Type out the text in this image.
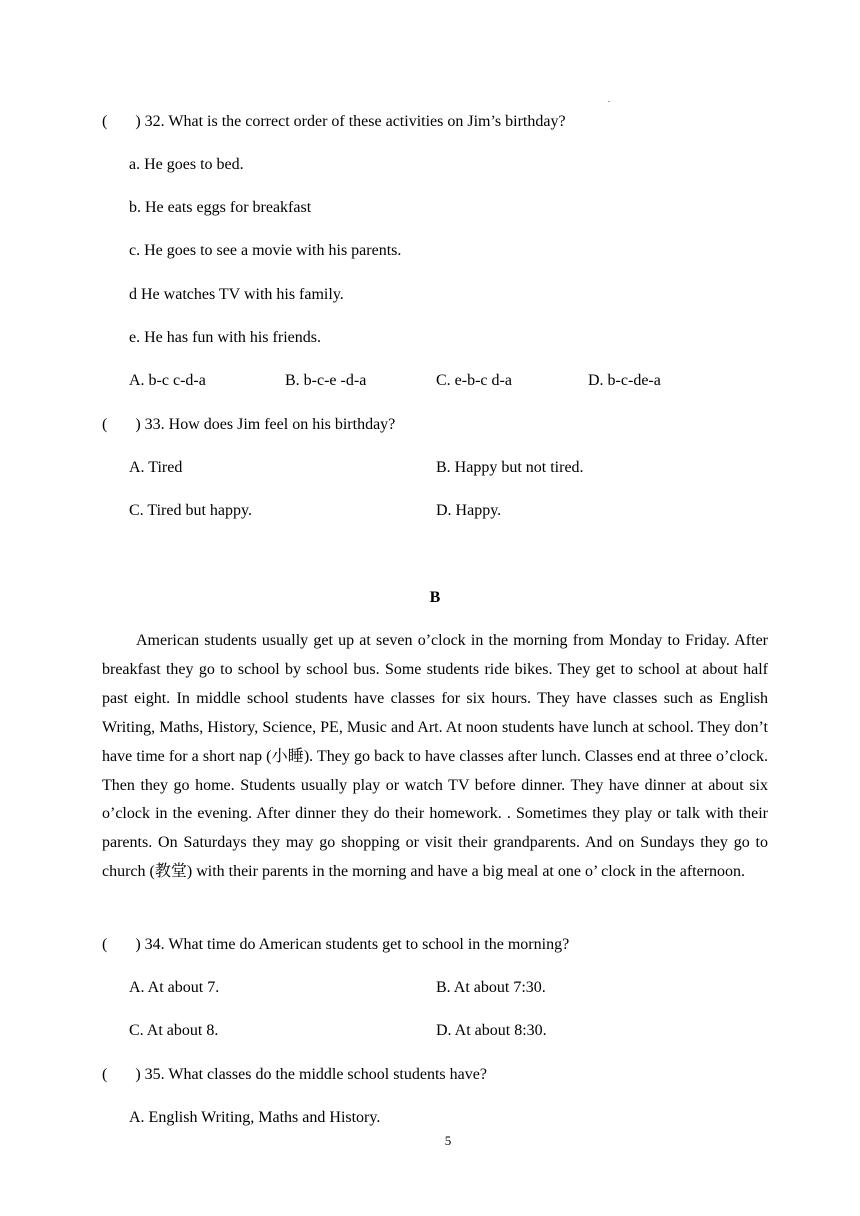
.
( ) 32. What is the correct order of these activities on Jim’s birthday?
a. He goes to bed.
b. He eats eggs for breakfast
c. He goes to see a movie with his parents.
d He watches TV with his family.
e. He has fun with his friends.
A. b-c c-d-a	B. b-c-e -d-a	C. e-b-c d-a	D. b-c-de-a
( ) 33. How does Jim feel on his birthday?
A. Tired	B. Happy but not tired.
C. Tired but happy.	D. Happy.
B
American students usually get up at seven o’clock in the morning from Monday to Friday. After breakfast they go to school by school bus. Some students ride bikes. They get to school at about half past eight. In middle school students have classes for six hours. They have classes such as English Writing, Maths, History, Science, PE, Music and Art. At noon students have lunch at school. They don’t have time for a short nap (小睡). They go back to have classes after lunch. Classes end at three o’clock. Then they go home. Students usually play or watch TV before dinner. They have dinner at about six o’clock in the evening. After dinner they do their homework. . Sometimes they play or talk with their parents. On Saturdays they may go shopping or visit their grandparents. And on Sundays they go to church (教堂) with their parents in the morning and have a big meal at one o’ clock in the afternoon.
( ) 34. What time do American students get to school in the morning?
A. At about 7.	B. At about 7:30.
C. At about 8.	D. At about 8:30.
( ) 35. What classes do the middle school students have?
A. English Writing, Maths and History.
5
